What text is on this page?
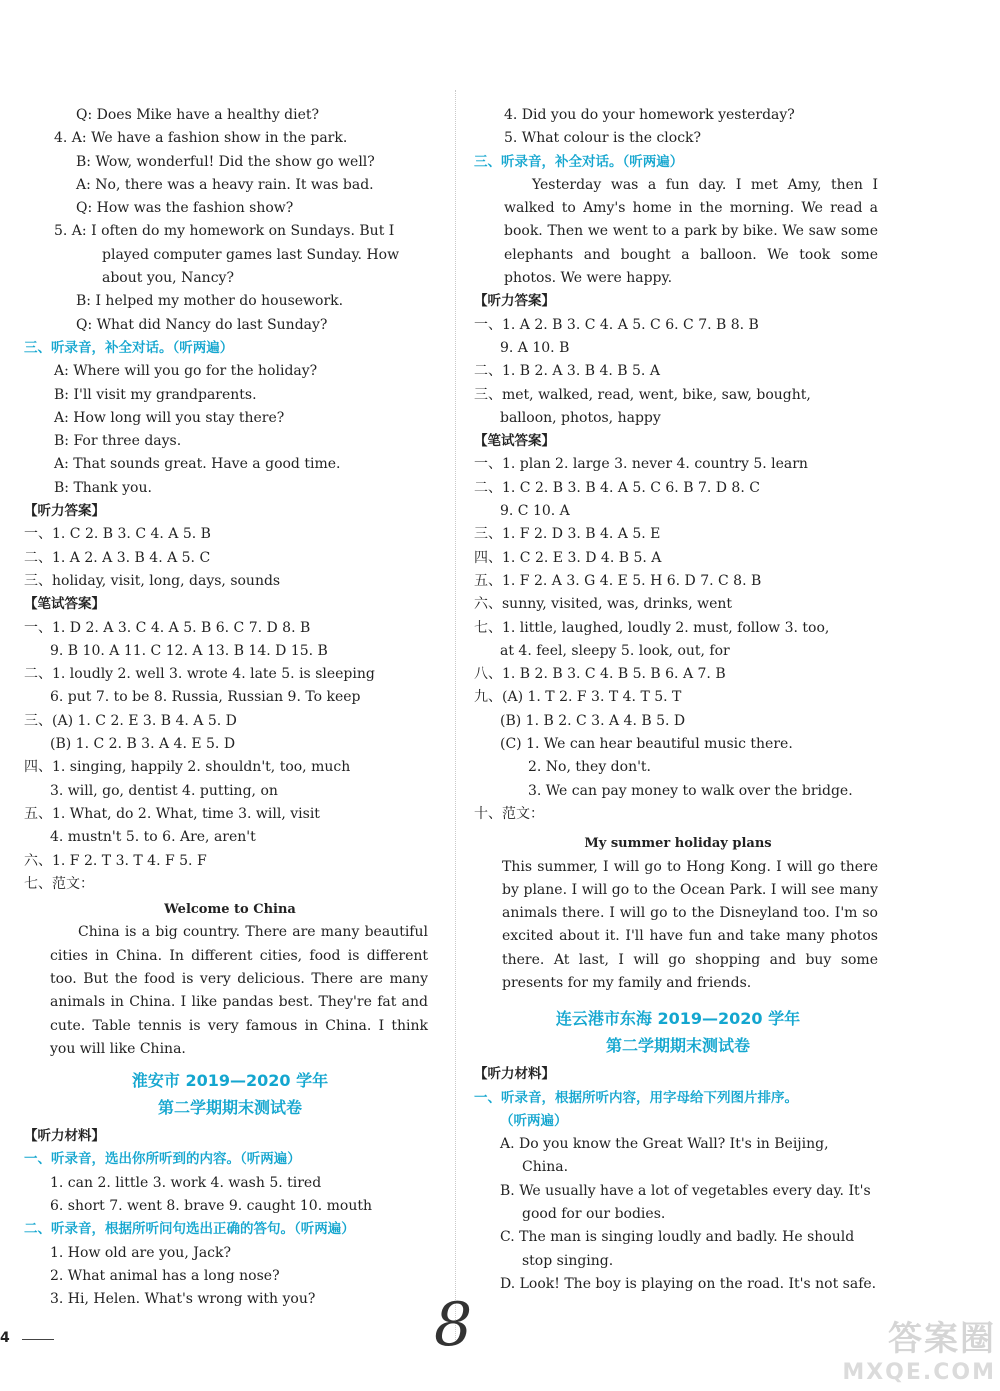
Q: Does Mike have a healthy diet?
4. A: We have a fashion show in the park.
B: Wow, wonderful! Did the show go well?
A: No, there was a heavy rain. It was bad.
Q: How was the fashion show?
5. A: I often do my homework on Sundays. But I
played computer games last Sunday. How
about you, Nancy?
B: I helped my mother do housework.
Q: What did Nancy do last Sunday?
三、听录音，补全对话。（听两遍）
A: Where will you go for the holiday?
B: I'll visit my grandparents.
A: How long will you stay there?
B: For three days.
A: That sounds great. Have a good time.
B: Thank you.
【听力答案】
一、1. C 2. B 3. C 4. A 5. B
二、1. A 2. A 3. B 4. A 5. C
三、holiday, visit, long, days, sounds
【笔试答案】
一、1. D 2. A 3. C 4. A 5. B 6. C 7. D 8. B
9. B 10. A 11. C 12. A 13. B 14. D 15. B
二、1. loudly 2. well 3. wrote 4. late 5. is sleeping
6. put 7. to be 8. Russia, Russian 9. To keep
三、(A) 1. C 2. E 3. B 4. A 5. D
(B) 1. C 2. B 3. A 4. E 5. D
四、1. singing, happily 2. shouldn't, too, much
3. will, go, dentist 4. putting, on
五、1. What, do 2. What, time 3. will, visit
4. mustn't 5. to 6. Are, aren't
六、1. F 2. T 3. T 4. F 5. F
七、范文：
Welcome to China
China is a big country. There are many beautiful cities in China. In different cities, food is different too. But the food is very delicious. There are many animals in China. I like pandas best. They're fat and cute. Table tennis is very famous in China. I think you will like China.
淮安市 2019—2020 学年
第二学期期末测试卷
【听力材料】
一、听录音，选出你所听到的内容。（听两遍）
1. can 2. little 3. work 4. wash 5. tired
6. short 7. went 8. brave 9. caught 10. mouth
二、听录音，根据所听问句选出正确的答句。（听两遍）
1. How old are you, Jack?
2. What animal has a long nose?
3. Hi, Helen. What's wrong with you?
4. Did you do your homework yesterday?
5. What colour is the clock?
三、听录音，补全对话。（听两遍）
Yesterday was a fun day. I met Amy, then I walked to Amy's home in the morning. We read a book. Then we went to a park by bike. We saw some elephants and bought a balloon. We took some photos. We were happy.
【听力答案】
一、1. A 2. B 3. C 4. A 5. C 6. C 7. B 8. B
9. A 10. B
二、1. B 2. A 3. B 4. B 5. A
三、met, walked, read, went, bike, saw, bought,
balloon, photos, happy
【笔试答案】
一、1. plan 2. large 3. never 4. country 5. learn
二、1. C 2. B 3. B 4. A 5. C 6. B 7. D 8. C
9. C 10. A
三、1. F 2. D 3. B 4. A 5. E
四、1. C 2. E 3. D 4. B 5. A
五、1. F 2. A 3. G 4. E 5. H 6. D 7. C 8. B
六、sunny, visited, was, drinks, went
七、1. little, laughed, loudly 2. must, follow 3. too,
at 4. feel, sleepy 5. look, out, for
八、1. B 2. B 3. C 4. B 5. B 6. A 7. B
九、(A) 1. T 2. F 3. T 4. T 5. T
(B) 1. B 2. C 3. A 4. B 5. D
(C) 1. We can hear beautiful music there.
2. No, they don't.
3. We can pay money to walk over the bridge.
十、范文：
My summer holiday plans
This summer, I will go to Hong Kong. I will go there by plane. I will go to the Ocean Park. I will see many animals there. I will go to the Disneyland too. I'm so excited about it. I'll have fun and take many photos there. At last, I will go shopping and buy some presents for my family and friends.
连云港市东海 2019—2020 学年
第二学期期末测试卷
【听力材料】
一、听录音，根据所听内容，用字母给下列图片排序。
（听两遍）
A. Do you know the Great Wall? It's in Beijing,
China.
B. We usually have a lot of vegetables every day. It's
good for our bodies.
C. The man is singing loudly and badly. He should
stop singing.
D. Look! The boy is playing on the road. It's not safe.
4	8	答案圈
MXQE.COM
